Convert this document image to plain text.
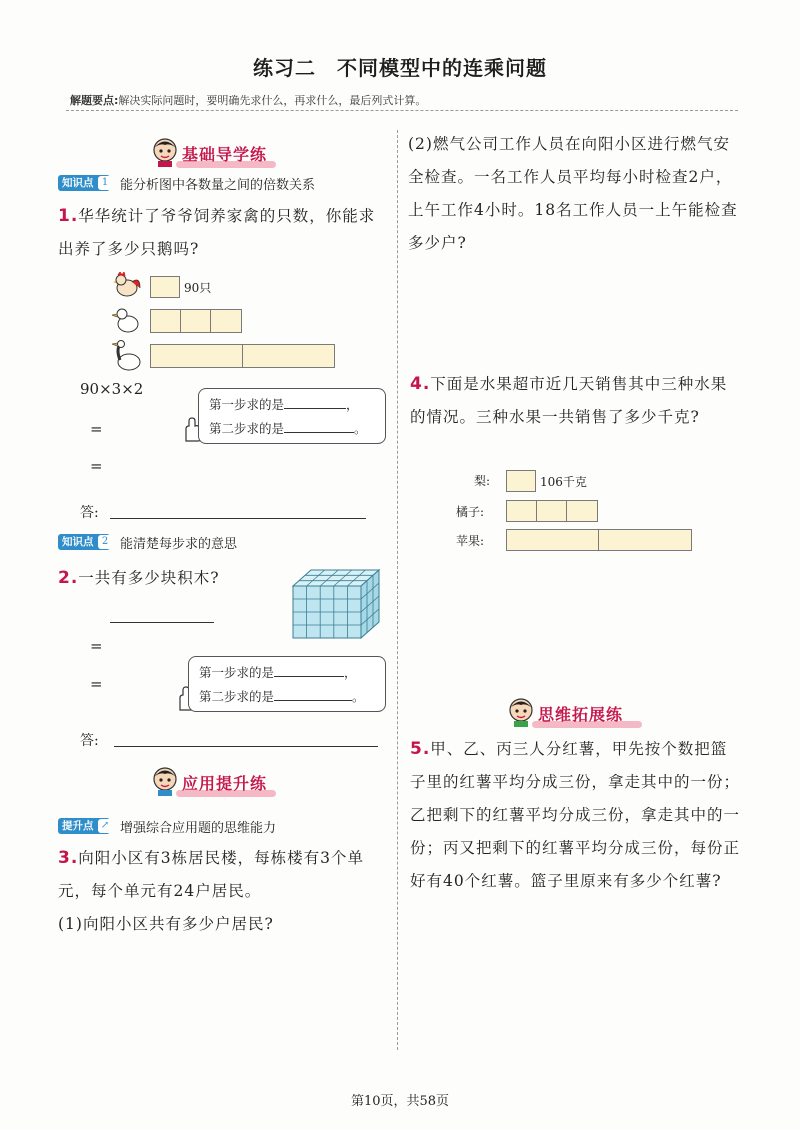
练习二　不同模型中的连乘问题
解题要点:解决实际问题时，要明确先求什么，再求什么，最后列式计算。
基础导学练
知识点 1 能分析图中各数量之间的倍数关系
1.华华统计了爷爷饲养家禽的只数，你能求出养了多少只鹅吗?
90只
90×3×2
=
=
第一步求的是	，
第二步求的是	。
答:
知识点 2 能清楚每步求的意思
2.一共有多少块积木?
=
=
第一步求的是	，
第二步求的是	。
答:
应用提升练
提升点 ↗ 增强综合应用题的思维能力
3.向阳小区有3栋居民楼，每栋楼有3个单元，每个单元有24户居民。
(1)向阳小区共有多少户居民?
(2)燃气公司工作人员在向阳小区进行燃气安全检查。一名工作人员平均每小时检查2户，上午工作4小时。18名工作人员一上午能检查多少户?
4.下面是水果超市近几天销售其中三种水果的情况。三种水果一共销售了多少千克?
梨:	106千克
橘子:
苹果:
思维拓展练
5.甲、乙、丙三人分红薯，甲先按个数把篮子里的红薯平均分成三份，拿走其中的一份；乙把剩下的红薯平均分成三份，拿走其中的一份；丙又把剩下的红薯平均分成三份，每份正好有40个红薯。篮子里原来有多少个红薯?
第10页，共58页
